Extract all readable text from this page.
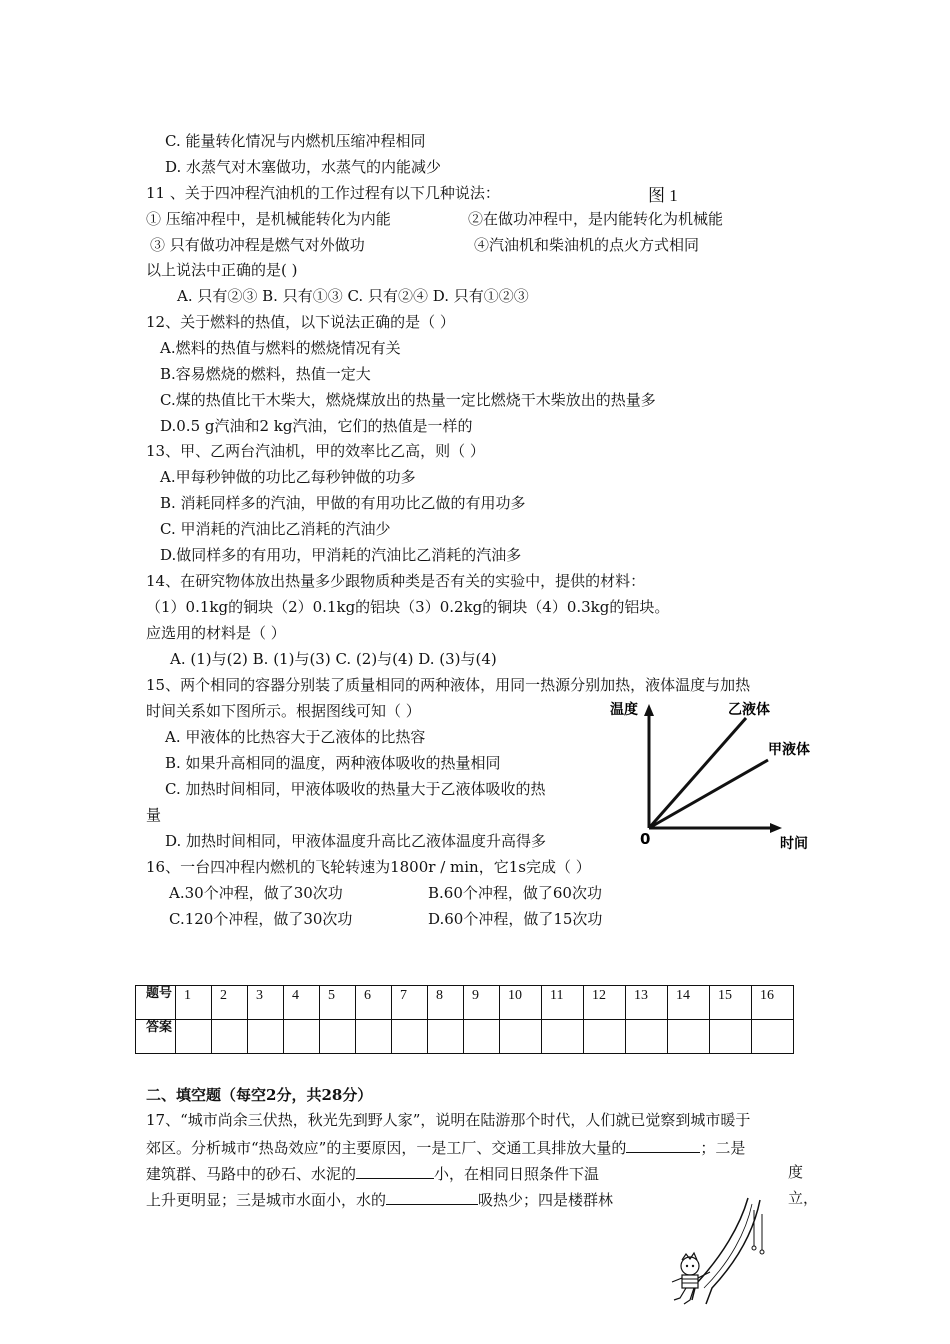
C. 能量转化情况与内燃机压缩冲程相同
D. 水蒸气对木塞做功，水蒸气的内能减少
图 1
11 、关于四冲程汽油机的工作过程有以下几种说法：
① 压缩冲程中，是机械能转化为内能	②在做功冲程中，是内能转化为机械能
③ 只有做功冲程是燃气对外做功	④汽油机和柴油机的点火方式相同
以上说法中正确的是( )
A. 只有②③ B. 只有①③ C. 只有②④ D. 只有①②③
12、关于燃料的热值，以下说法正确的是（ ）
A.燃料的热值与燃料的燃烧情况有关
B.容易燃烧的燃料，热值一定大
C.煤的热值比干木柴大，燃烧煤放出的热量一定比燃烧干木柴放出的热量多
D.0.5 g汽油和2 kg汽油，它们的热值是一样的
13、甲、乙两台汽油机，甲的效率比乙高，则（ ）
A.甲每秒钟做的功比乙每秒钟做的功多
B. 消耗同样多的汽油，甲做的有用功比乙做的有用功多
C. 甲消耗的汽油比乙消耗的汽油少
D.做同样多的有用功，甲消耗的汽油比乙消耗的汽油多
14、在研究物体放出热量多少跟物质种类是否有关的实验中，提供的材料：
（1）0.1kg的铜块（2）0.1kg的铝块（3）0.2kg的铜块（4）0.3kg的铝块。
应选用的材料是（ ）
A. (1)与(2) B. (1)与(3) C. (2)与(4) D. (3)与(4)
15、两个相同的容器分别装了质量相同的两种液体，用同一热源分别加热，液体温度与加热
时间关系如下图所示。根据图线可知（ ）
A. 甲液体的比热容大于乙液体的比热容
B. 如果升高相同的温度，两种液体吸收的热量相同
C. 加热时间相同，甲液体吸收的热量大于乙液体吸收的热
量
D. 加热时间相同，甲液体温度升高比乙液体温度升高得多
温度
时间
0
乙液体
甲液体
16、一台四冲程内燃机的飞轮转速为1800r / min，它1s完成（ ）
A.30个冲程，做了30次功	B.60个冲程，做了60次功
C.120个冲程，做了30次功	D.60个冲程，做了15次功
题号	1	2	3	4	5	6	7	8	9	10	11	12	13	14	15	16
答案																
二、填空题（每空2分，共28分）
17、“城市尚余三伏热，秋光先到野人家”，说明在陆游那个时代，人们就已觉察到城市暖于
郊区。分析城市“热岛效应”的主要原因，一是工厂、交通工具排放大量的	；二是
建筑群、马路中的砂石、水泥的	小，在相同日照条件下温	度
上升更明显；三是城市水面小，水的	吸热少；四是楼群林	立，
